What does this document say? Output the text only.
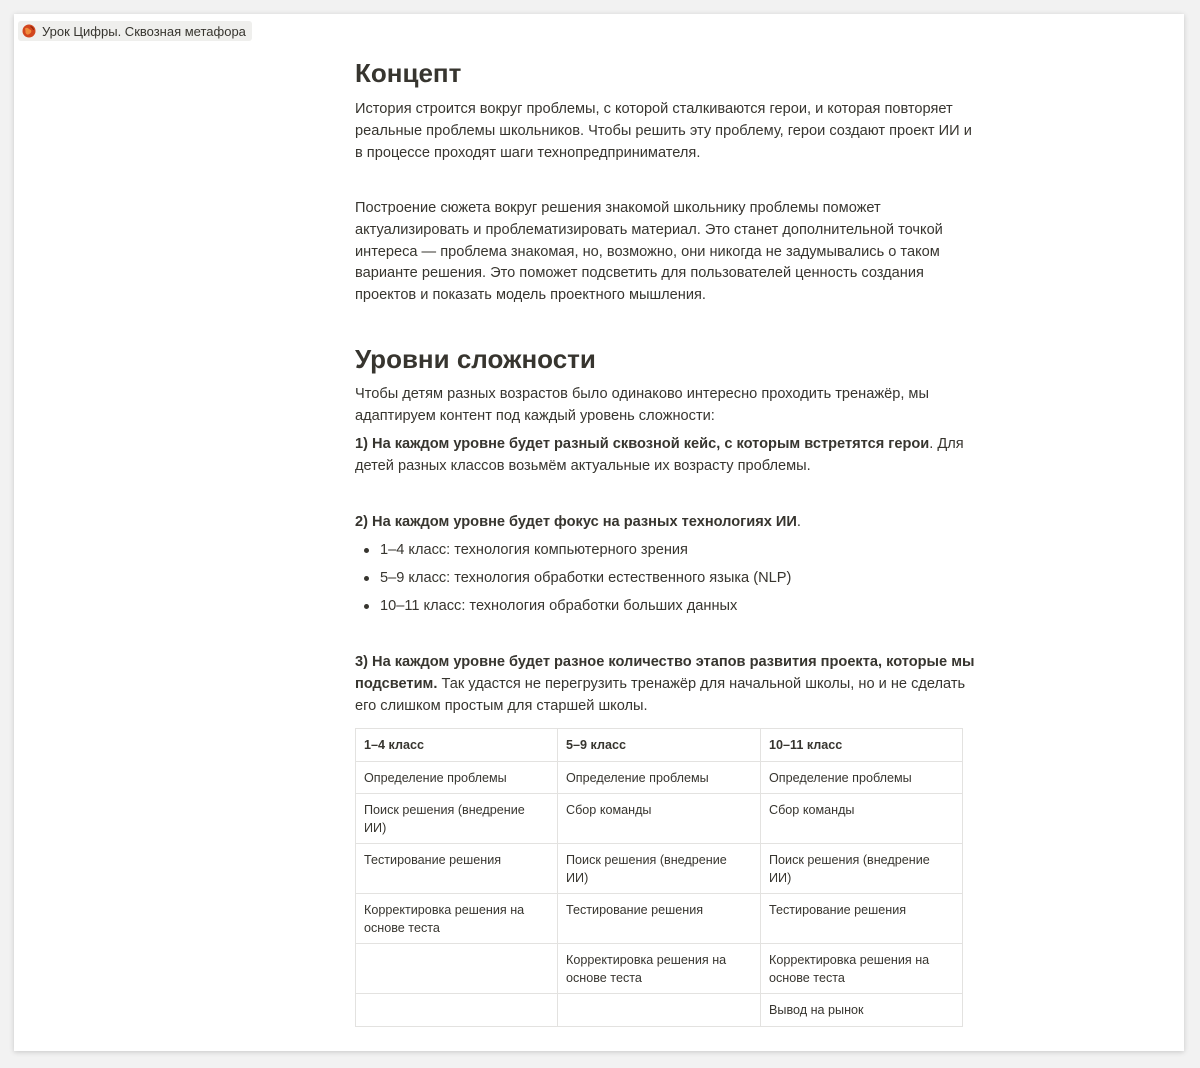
Урок Цифры. Сквозная метафора
Концепт

История строится вокруг проблемы, с которой сталкиваются герои, и которая повторяет реальные проблемы школьников. Чтобы решить эту проблему, герои создают проект ИИ и в процессе проходят шаги технопредпринимателя.

Построение сюжета вокруг решения знакомой школьнику проблемы поможет актуализировать и проблематизировать материал. Это станет дополнительной точкой интереса — проблема знакомая, но, возможно, они никогда не задумывались о таком варианте решения. Это поможет подсветить для пользователей ценность создания проектов и показать модель проектного мышления.

Уровни сложности

Чтобы детям разных возрастов было одинаково интересно проходить тренажёр, мы адаптируем контент под каждый уровень сложности:

1) На каждом уровне будет разный сквозной кейс, с которым встретятся герои. Для детей разных классов возьмём актуальные их возрасту проблемы.

2) На каждом уровне будет фокус на разных технологиях ИИ.

1–4 класс: технология компьютерного зрения
5–9 класс: технология обработки естественного языка (NLP)
10–11 класс: технология обработки больших данных

3) На каждом уровне будет разное количество этапов развития проекта, которые мы подсветим. Так удастся не перегрузить тренажёр для начальной школы, но и не сделать его слишком простым для старшей школы.

1–4 класс	5–9 класс	10–11 класс
Определение проблемы	Определение проблемы	Определение проблемы
Поиск решения (внедрение ИИ)	Сбор команды	Сбор команды
Тестирование решения	Поиск решения (внедрение ИИ)	Поиск решения (внедрение ИИ)
Корректировка решения на основе теста	Тестирование решения	Тестирование решения
	Корректировка решения на основе теста	Корректировка решения на основе теста
		Вывод на рынок
